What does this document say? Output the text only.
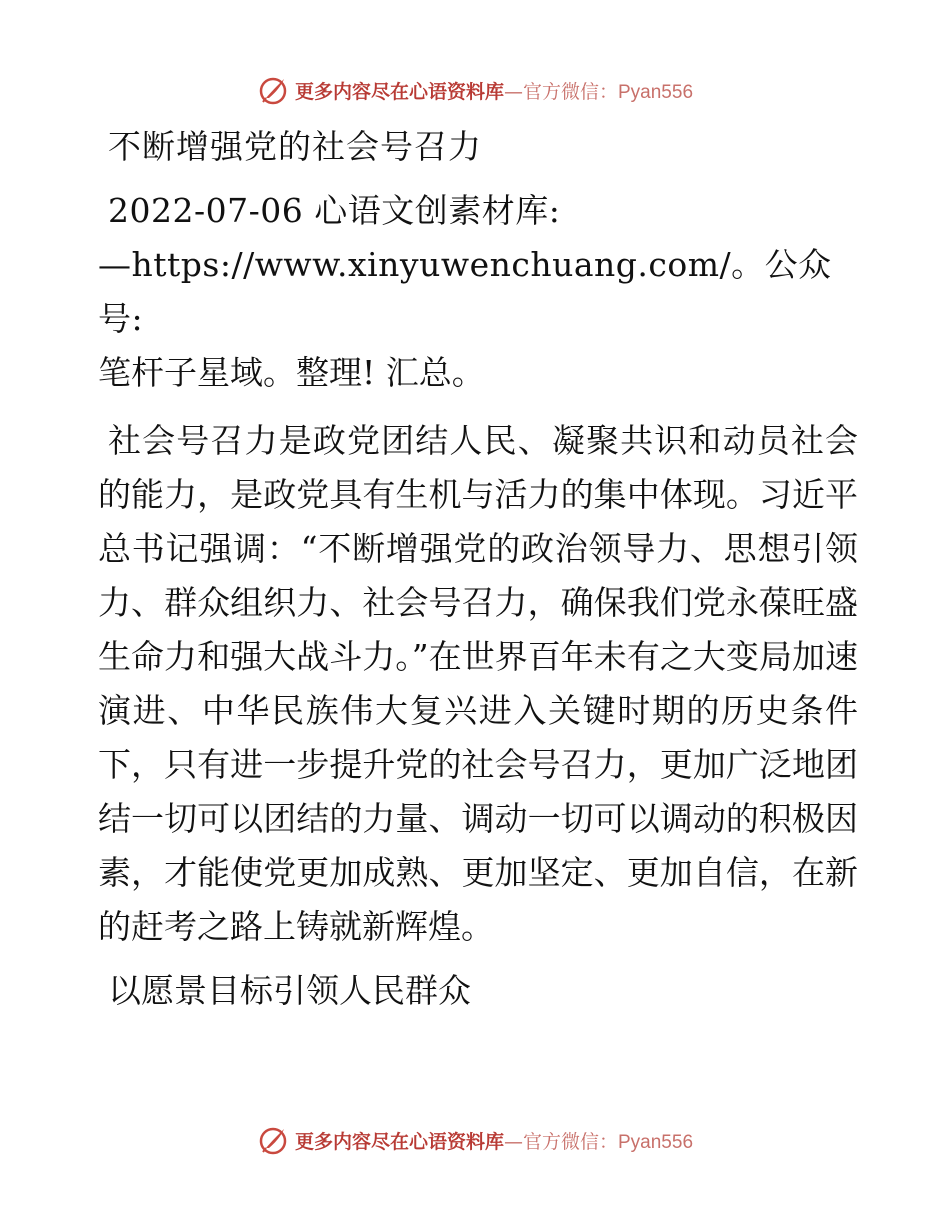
更多内容尽在心语资料库—官方微信：Pyan556
不断增强党的社会号召力
2022-07-06 心语文创素材库:
—https://www.xinyuwenchuang.com/。公众号:
笔杆子星域。整理! 汇总。

社会号召力是政党团结人民、凝聚共识和动员社会的能力，是政党具有生机与活力的集中体现。习近平总书记强调：“不断增强党的政治领导力、思想引领力、群众组织力、社会号召力，确保我们党永葆旺盛生命力和强大战斗力。”在世界百年未有之大变局加速演进、中华民族伟大复兴进入关键时期的历史条件下，只有进一步提升党的社会号召力，更加广泛地团结一切可以团结的力量、调动一切可以调动的积极因素，才能使党更加成熟、更加坚定、更加自信，在新的赶考之路上铸就新辉煌。

以愿景目标引领人民群众
更多内容尽在心语资料库—官方微信：Pyan556
